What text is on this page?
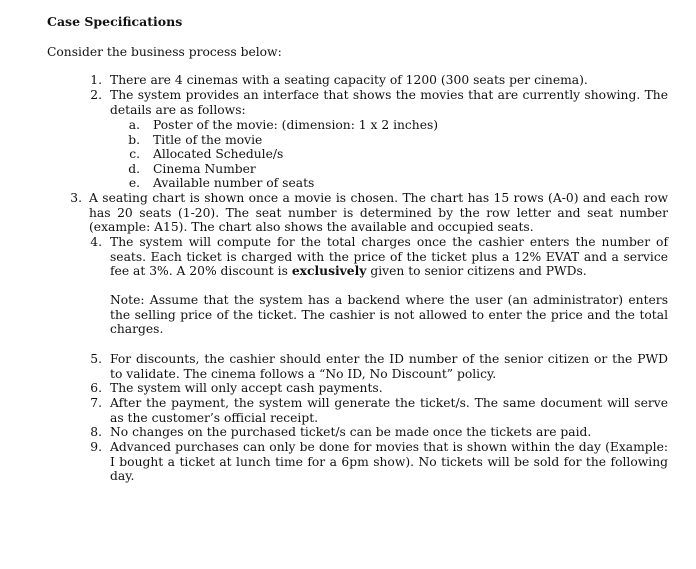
Case Specifications
Consider the business process below:
1. There are 4 cinemas with a seating capacity of 1200 (300 seats per cinema).
2. The system provides an interface that shows the movies that are currently showing. The details are as follows:
a. Poster of the movie: (dimension: 1 x 2 inches)
b. Title of the movie
c. Allocated Schedule/s
d. Cinema Number
e. Available number of seats
3. A seating chart is shown once a movie is chosen. The chart has 15 rows (A-0) and each row has 20 seats (1-20). The seat number is determined by the row letter and seat number (example: A15). The chart also shows the available and occupied seats.
4. The system will compute for the total charges once the cashier enters the number of seats. Each ticket is charged with the price of the ticket plus a 12% EVAT and a service fee at 3%. A 20% discount is exclusively given to senior citizens and PWDs.
Note: Assume that the system has a backend where the user (an administrator) enters the selling price of the ticket. The cashier is not allowed to enter the price and the total charges.
5. For discounts, the cashier should enter the ID number of the senior citizen or the PWD to validate. The cinema follows a “No ID, No Discount” policy.
6. The system will only accept cash payments.
7. After the payment, the system will generate the ticket/s. The same document will serve as the customer’s official receipt.
8. No changes on the purchased ticket/s can be made once the tickets are paid.
9. Advanced purchases can only be done for movies that is shown within the day (Example: I bought a ticket at lunch time for a 6pm show). No tickets will be sold for the following day.
